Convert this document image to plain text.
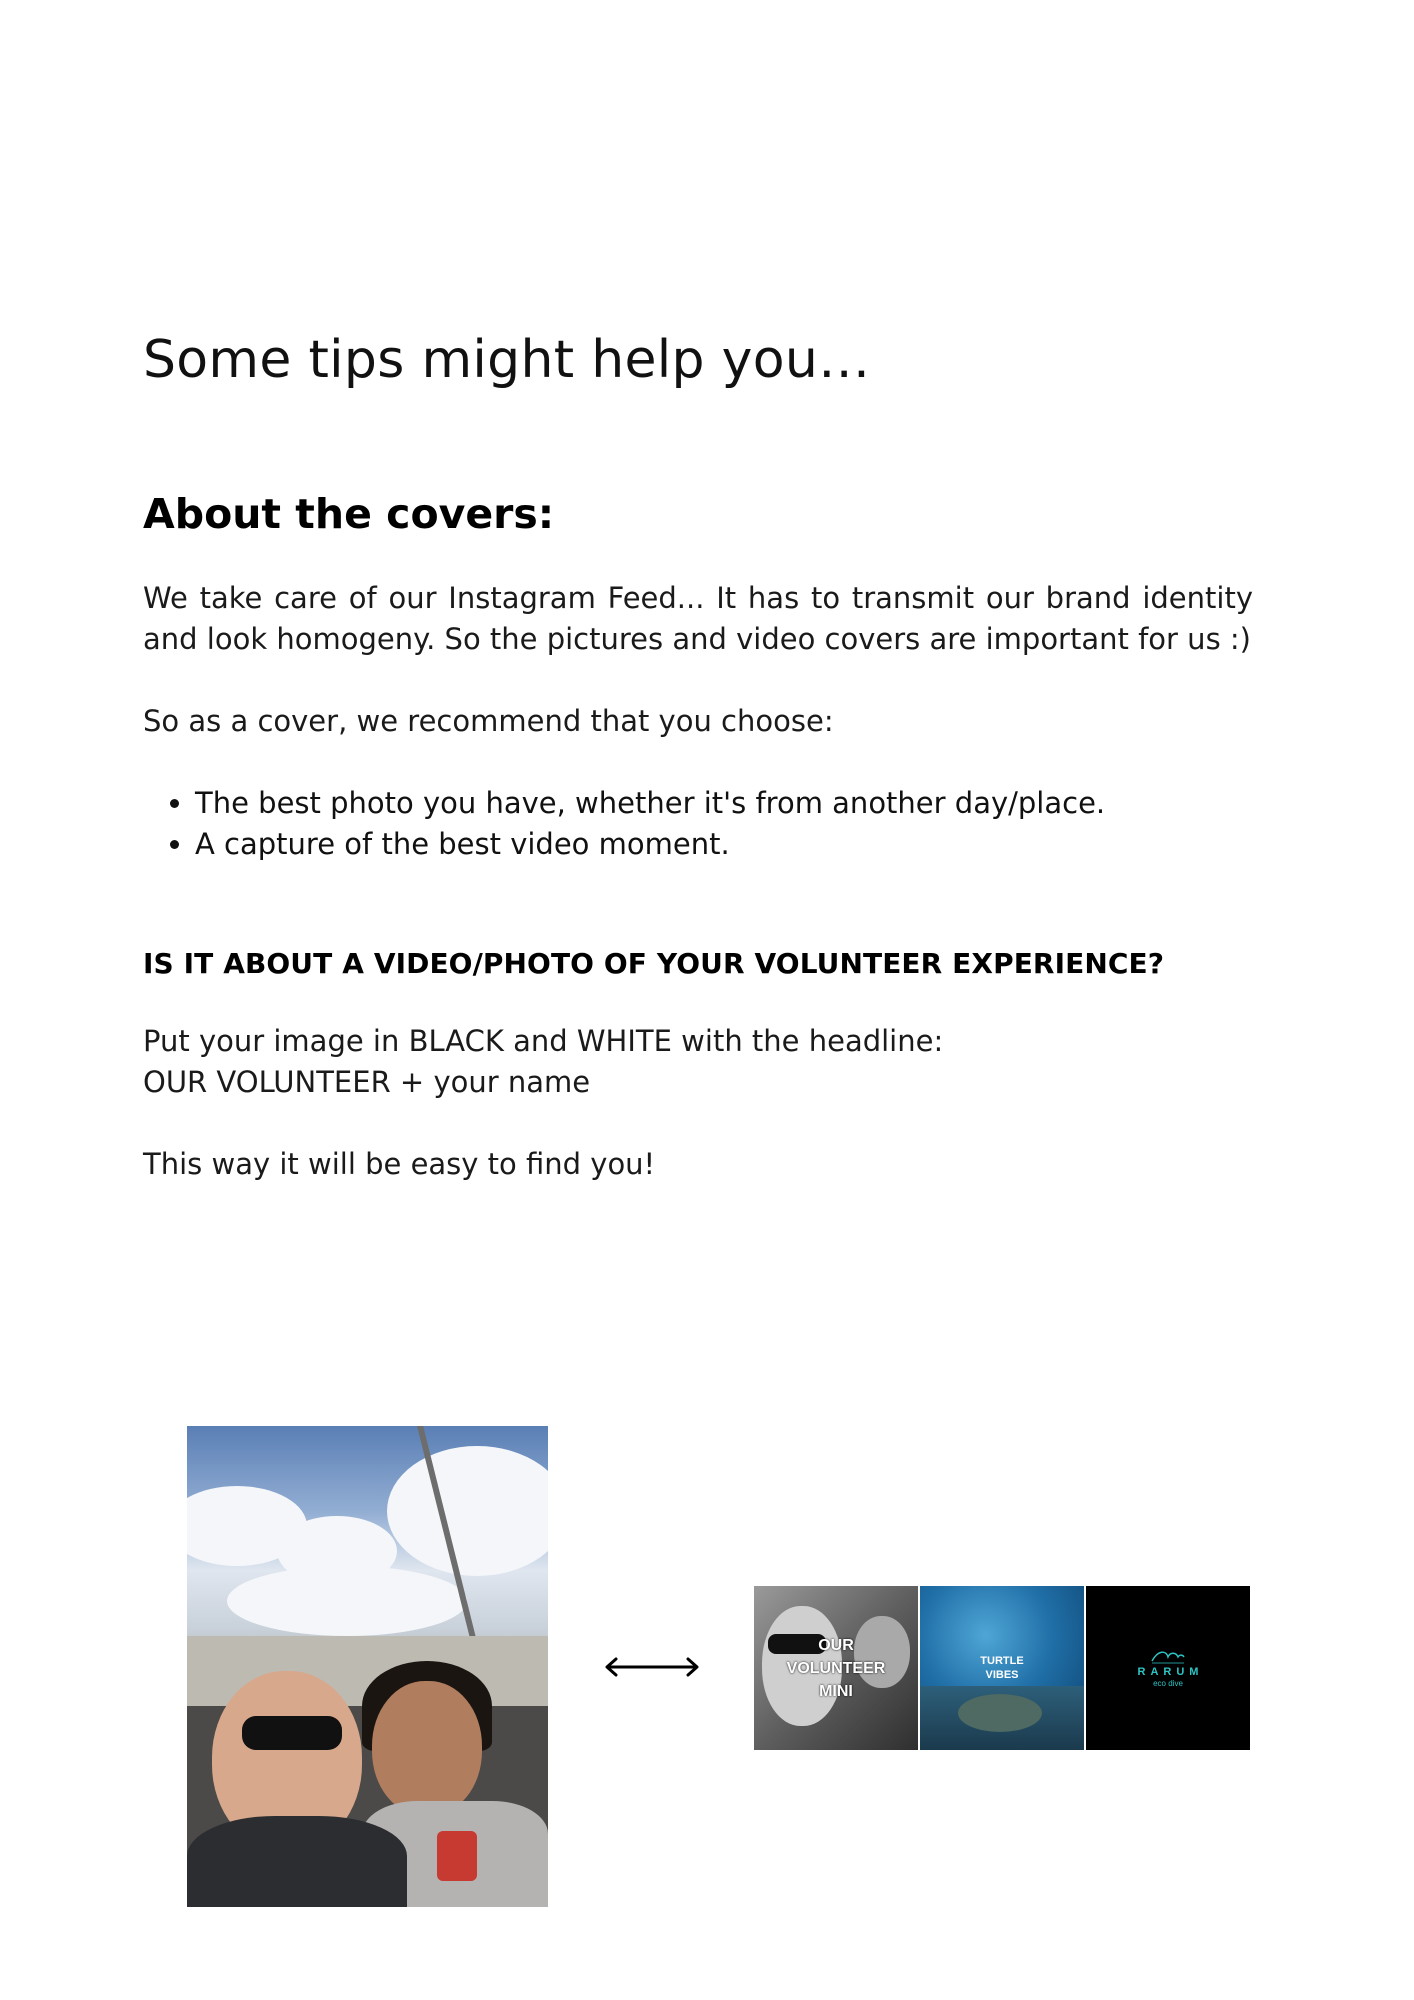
Some tips might help you…
About the covers:

We take care of our Instagram Feed... It has to transmit our brand identity and look homogeny. So the pictures and video covers are important for us :)

So as a cover, we recommend that you choose:

• The best photo you have, whether it's from another day/place.
• A capture of the best video moment.
IS IT ABOUT A VIDEO/PHOTO OF YOUR VOLUNTEER EXPERIENCE?

Put your image in BLACK and WHITE with the headline:
OUR VOLUNTEER + your name

This way it will be easy to find you!

OUR
VOLUNTEER
MINI
TURTLE
VIBES	RARUM
eco dive
